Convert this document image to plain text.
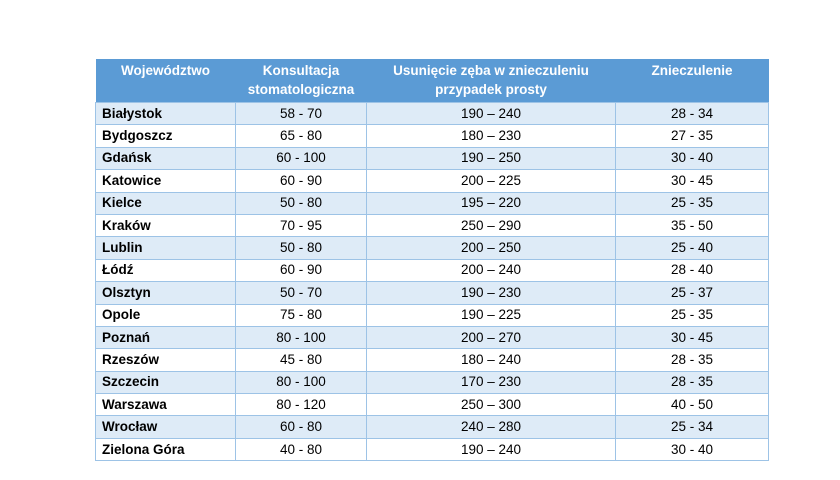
Województwo	Konsultacja stomatologiczna	Usunięcie zęba w znieczuleniu przypadek prosty	Znieczulenie
Białystok	58 - 70	190 – 240	28 - 34
Bydgoszcz	65 - 80	180 – 230	27 - 35
Gdańsk	60 - 100	190 – 250	30 - 40
Katowice	60 - 90	200 – 225	30 - 45
Kielce	50 - 80	195 – 220	25 - 35
Kraków	70 - 95	250 – 290	35 - 50
Lublin	50 - 80	200 – 250	25 - 40
Łódź	60 - 90	200 – 240	28 - 40
Olsztyn	50 - 70	190 – 230	25 - 37
Opole	75 - 80	190 – 225	25 - 35
Poznań	80 - 100	200 – 270	30 - 45
Rzeszów	45 - 80	180 – 240	28 - 35
Szczecin	80 - 100	170 – 230	28 - 35
Warszawa	80 - 120	250 – 300	40 - 50
Wrocław	60 - 80	240 – 280	25 - 34
Zielona Góra	40 - 80	190 – 240	30 - 40
